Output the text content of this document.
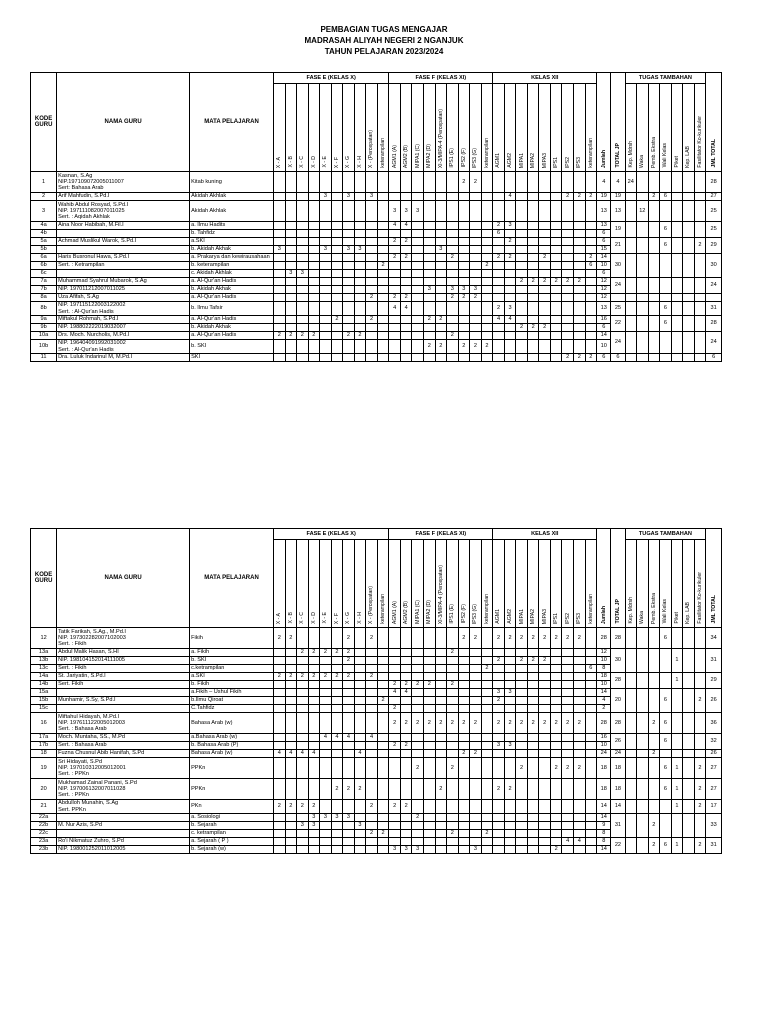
PEMBAGIAN TUGAS MENGAJAR
MADRASAH ALIYAH NEGERI 2 NGANJUK
TAHUN PELAJARAN 2023/2024
KODE GURU	NAMA GURU	MATA PELAJARAN	FASE E (KELAS X)										FASE F (KELAS XI)									KELAS XII									Jumlah	TOTAL JP	TUGAS TAMBAHAN							JML TOTAL
			X - A	X - B	X - C	X - D	X - E	X - F	X - G	X - H	X - (Percepatan)	keterampilan	AGM1 (A)	AGM2 (B)	MIPA1 (C)	MIPA2 (D)	XI-3/MIPA-4 (Percepatan)	IPS1 (E)	IPS2 (F)	IPS3 (G)	keterampilan	AGM1	AGM2	MIPA1	MIPA2	MIPA3	IPS1	IPS2	IPS3	keterampilan			Kep. Mdrsh	Waka	Pemb. Ekstra	Wali Kelas	Piket	Kep. LAB	Fasilitator Ko-kurikuler	
1	Kasnan, S.Ag
NIP.197109072005011007
Sert: Bahasa Arab	Kitab kuning																	2	2											4	4	24							28
2	Arif Mahfudin, S.Pd.I	Akidah Akhlak					3		3		3												4					2	2	2	19	19			2	6				27
3	Wahib Abdul Rosyad, S.Pd.I
NIP. 197111082007011025
Sert. : Aqidah Akhlak	Akidah Akhlak											3	3	3																13	13		12						25
4a	Aina Noor Habibah, M.Fil.I	a. Ilmu Hadits											4	4								2	3								13	19				6				25
4b		b. Tahfidz																				6									6									
5a	Achmad Muslikul Warok, S.Pd.I	a.SKI											2	2									2								6	21				6			2	29
5b		b. Akidah Akhak	3				3		3	3							3														15									
6a	Haris Busronul Hawa, S.Pd.I	a. Prakarya dan kewirausahaan											2	2				2				2	2			2				2	14	30								30
6b	Sert. : Ketrampilan	b. keterampilan										2									2									6	10									
6c		c. Akidah Akhlak		3	3																										6									
7a	Muhammad Syahrul Mubarok, S.Ag	a. Al-Qur'an Hadis																						2	2	2	2	2	2		12	24								24
7b	NIP. 197011212007011025	b. Akidah Akhak														3		3	3	3											12									
8a	Uza Afifah, S.Ag	a. Al-Qur'an Hadis									2		2	2				2	2	2											12									
8b	NIP. 197115122003122002
Sert. : Al-Qur'an Hadis	b. Ilmu Tafsir											4	4								2	3								13	25				6				31
9a	Miftakul Rohmah, S.Pd.I	a. Al-Qur'an Hadis						2			2					2	2					4	4								16	22				6				28
9b	NIP. 198802222019032007	b. Akidah Akhak																						2	2	2					6									
10a	Drs. Moch. Nurcholis, M.Pd.I	a. Al-Qur'an Hadis	2	2	2	2			2	2								2													14	24								24
10b	NIP. 196404091992031002
Sert. : Al-Qur'an Hadis	b. SKI														2	2		2	2	2										10									
11	Dra. Luluk Indarinul M, M.Pd.I	SKI																										2	2	2	6	6								6
KODE GURU	NAMA GURU	MATA PELAJARAN	FASE E (KELAS X)										FASE F (KELAS XI)									KELAS XII									Jumlah	TOTAL JP	TUGAS TAMBAHAN							JML TOTAL
			X - A	X - B	X - C	X - D	X - E	X - F	X - G	X - H	X - (Percepatan)	keterampilan	AGM1 (A)	AGM2 (B)	MIPA1 (C)	MIPA2 (D)	XI-3/MIPA-4 (Percepatan)	IPS1 (E)	IPS2 (F)	IPS3 (G)	keterampilan	AGM1	AGM2	MIPA1	MIPA2	MIPA3	IPS1	IPS2	IPS3	keterampilan			Kep. Mdrsh	Waka	Pemb. Ekstra	Wali Kelas	Piket	Kep. LAB	Fasilitator Ko-kurikuler	
12	Tatik Farikah, S.Ag., M.Pd.I
NIP. 197302282007102003
Sert. : Fikih	Fikih	2	2					2		2								2	2		2	2	2	2	2	2	2	2		28	28				6				34
13a	Abdul Malik Hasan, S.HI	a. Fikih			2	2	2	2	2									2													12	30					1			31
13b	NIP. 198104152014111005	b. SKI							2													2		2	2	2					10									
13c	Sert. : Fikih	c.ketrampilan																			2									6	8									
14a	St. Jariyatin, S.Pd.I	a.SKI	2	2	2	2	2	2	2		2																				18	28					1			29
14b	Sert. Fikih	b. Fikih											2	2	2	2		2													10									
15a		a.Fikih – Ushul Fikih											4	4								3	3								14	20				6			2	26
15b	Munhamir, S.Sy, S.Pd.I	b.Ilmu Qiroat										2										2									4									
15c		C.Tahfidz											2																		2									
16	Miftahul Hidayah, M.Pd.I
NIP. 197611122005012003
Sert. : Bahasa Arab	Bahasa Arab (w)											2	2	2	2	2	2	2	2		2	2	2	2	2	2	2	2		28	28			2	6				36
17a	Moch. Muntaha, SS., M.Pd	a.Bahasa Arab (w)					4	4	4		4																				16	26				6				32
17b	Sert. : Bahasa Arab	b. Bahasa Arab (P)											2	2								3	3								10									
18	Fuzna Chusnul Abib Hanifah, S.Pd	Bahasa Arab (w)	4	4	4	4				4									2	2											24	24			2					26
19	Sri Hidayati, S.Pd
NIP. 197010312005012001
Sert. : PPKn	PPKn													2			2						2			2	2	2		18	18				6	1		2	27
20	Mukhamad Zainal Panani, S.Pd
NIP. 197006132007011028
Sert. : PPKn	PPKn						2	2	2							2					2	2								18	18				6	1		2	27
21	Abdulloh Munahin, S.Ag
Sert. PPKn	PKn	2	2	2	2					2		2	2																	14	14					1		2	17
22a		a. Sosiologi				3	3	3	3						2																14	31			2					33
22b	M. Nur Azis, S.Pd	b. Sejarah			3	3				3																					9									
22c		c. ketrampilan									2	2						2			2										8									
23a	Ro'i Nikmatuz Zuhro, S.Pd	a. Sejarah ( P )																										4	4		8	22			2	6	1		2	31
23b	NIP. 198001252011012005	b. Sejarah (w)											3	3	3					3							2				14									
